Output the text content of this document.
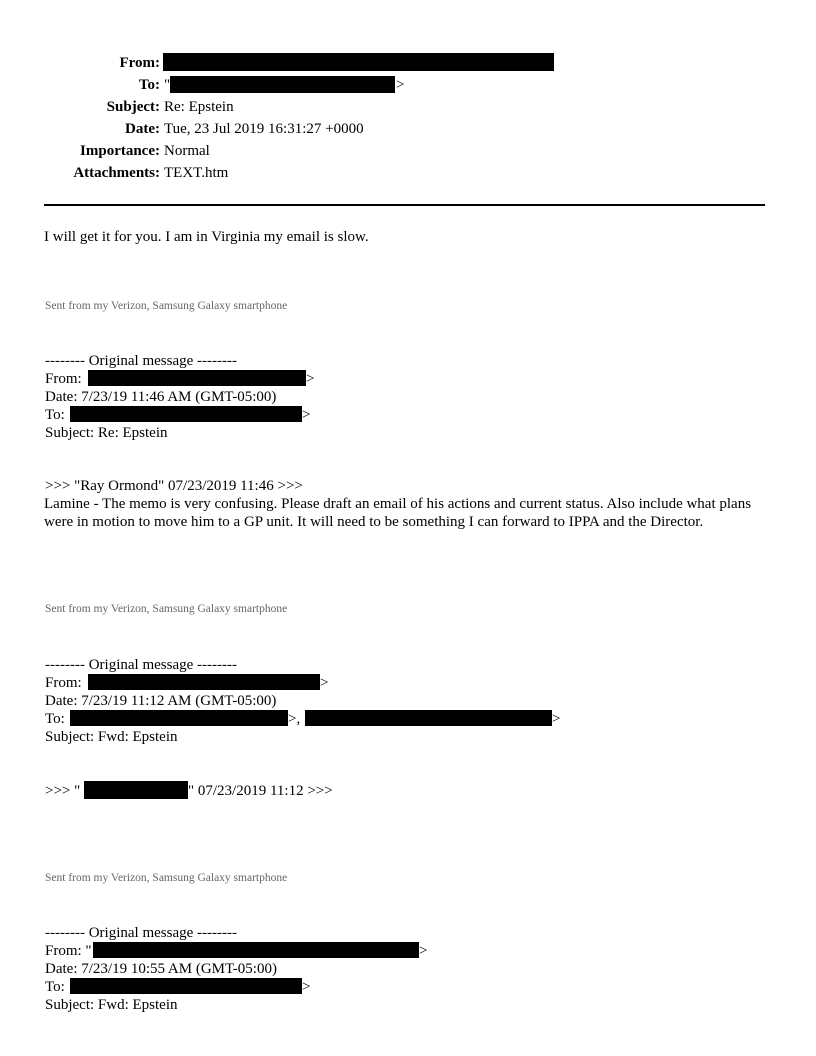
From:
To: "	>
Subject: Re: Epstein
Date: Tue, 23 Jul 2019 16:31:27 +0000
Importance: Normal
Attachments: TEXT.htm
I will get it for you. I am in Virginia my email is slow.
Sent from my Verizon, Samsung Galaxy smartphone
-------- Original message --------
From:	>
Date: 7/23/19 11:46 AM (GMT-05:00)
To:	>
Subject: Re: Epstein
>>> "Ray Ormond" 07/23/2019 11:46 >>>
Lamine - The memo is very confusing. Please draft an email of his actions and current status. Also include what plans were in motion to move him to a GP unit. It will need to be something I can forward to IPPA and the Director.
Sent from my Verizon, Samsung Galaxy smartphone
-------- Original message --------
From:	>
Date: 7/23/19 11:12 AM (GMT-05:00)
To:	>,	>
Subject: Fwd: Epstein
>>> "	" 07/23/2019 11:12 >>>
Sent from my Verizon, Samsung Galaxy smartphone
-------- Original message --------
From: "	>
Date: 7/23/19 10:55 AM (GMT-05:00)
To:	>
Subject: Fwd: Epstein
